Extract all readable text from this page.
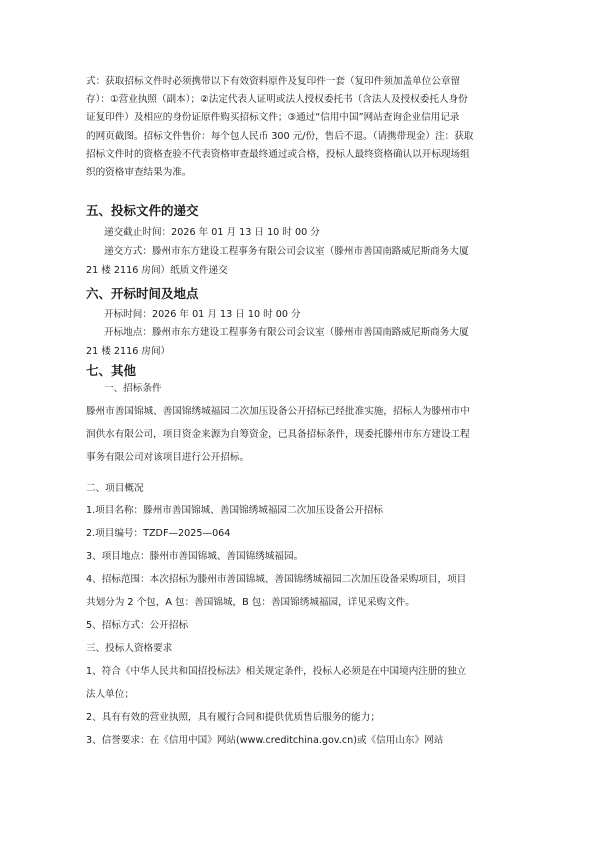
式：获取招标文件时必须携带以下有效资料原件及复印件一套（复印件须加盖单位公章留
存）：①营业执照（副本）；②法定代表人证明或法人授权委托书（含法人及授权委托人身份
证复印件）及相应的身份证原件购买招标文件；③通过“信用中国”网站查询企业信用记录
的网页截图。招标文件售价：每个包人民币 300 元/份，售后不退。（请携带现金）注：获取
招标文件时的资格查验不代表资格审查最终通过或合格，投标人最终资格确认以开标现场组
织的资格审查结果为准。
五、投标文件的递交
递交截止时间：2026 年 01 月 13 日 10 时 00 分
递交方式：滕州市东方建设工程事务有限公司会议室（滕州市善国南路威尼斯商务大厦
21 楼 2116 房间）纸质文件递交
六、开标时间及地点
开标时间：2026 年 01 月 13 日 10 时 00 分
开标地点：滕州市东方建设工程事务有限公司会议室（滕州市善国南路威尼斯商务大厦
21 楼 2116 房间）
七、其他
一、招标条件
滕州市善国锦城、善国锦绣城福园二次加压设备公开招标已经批准实施，招标人为滕州市中
润供水有限公司，项目资金来源为自筹资金，已具备招标条件，现委托滕州市东方建设工程
事务有限公司对该项目进行公开招标。
二、项目概况
1.项目名称：滕州市善国锦城、善国锦绣城福园二次加压设备公开招标
2.项目编号：TZDF—2025—064
3、项目地点：滕州市善国锦城、善国锦绣城福园。
4、招标范围：本次招标为滕州市善国锦城、善国锦绣城福园二次加压设备采购项目，项目
共划分为 2 个包，A 包：善国锦城，B 包：善国锦绣城福园，详见采购文件。
5、招标方式：公开招标
三、投标人资格要求
1、符合《中华人民共和国招投标法》相关规定条件，投标人必须是在中国境内注册的独立
法人单位；
2、具有有效的营业执照，具有履行合同和提供优质售后服务的能力；
3、信誉要求：在《信用中国》网站(www.creditchina.gov.cn)或《信用山东》网站
